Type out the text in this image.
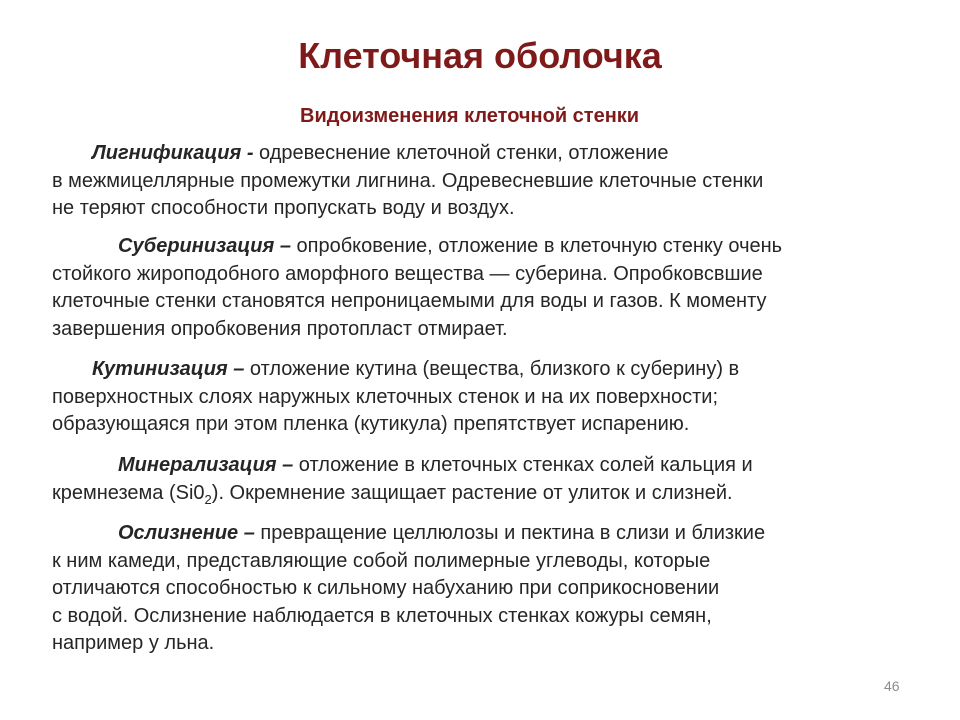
Клеточная оболочка
Видоизменения клеточной стенки
Лигнификация - одревеснение клеточной стенки, отложение
в межмицеллярные промежутки лигнина. Одревесневшие клеточные стенки
не теряют способности пропускать воду и воздух.
Суберинизация – опробковение, отложение в клеточную стенку очень
стойкого жироподобного аморфного вещества — суберина. Опробковсвшие
клеточные стенки становятся непроницаемыми для воды и газов. К моменту
завершения опробковения протопласт отмирает.
Кутинизация – отложение кутина (вещества, близкого к суберину) в
поверхностных слоях наружных клеточных стенок и на их поверхности;
образующаяся при этом пленка (кутикула) препятствует испарению.
Минерализация – отложение в клеточных стенках солей кальция и
кремнезема $(Si0_2)$. Окремнение защищает растение от улиток и слизней.
Ослизнение – превращение целлюлозы и пектина в слизи и близкие
к ним камеди, представляющие собой полимерные углеводы, которые
отличаются способностью к сильному набуханию при соприкосновении
с водой. Ослизнение наблюдается в клеточных стенках кожуры семян,
например у льна.
46
